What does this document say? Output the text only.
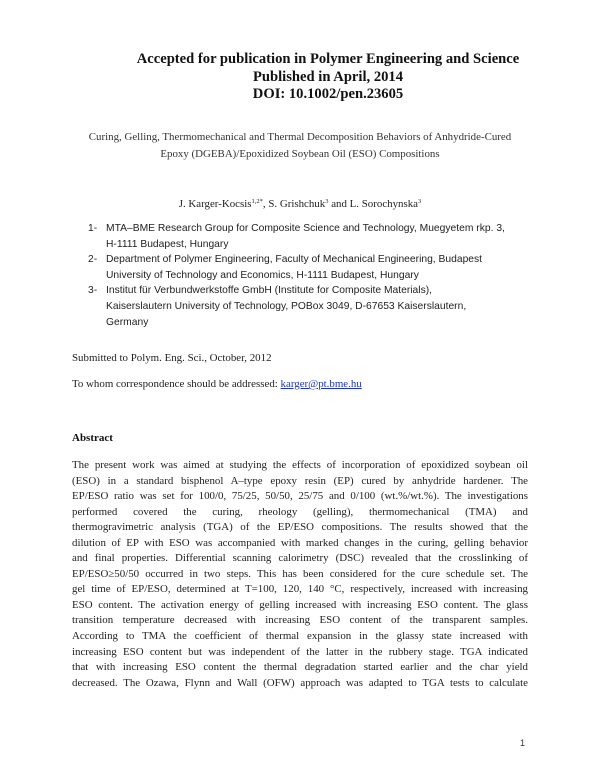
Accepted for publication in Polymer Engineering and Science
Published in April, 2014
DOI: 10.1002/pen.23605
Curing, Gelling, Thermomechanical and Thermal Decomposition Behaviors of Anhydride-Cured
Epoxy (DGEBA)/Epoxidized Soybean Oil (ESO) Compositions
J. Karger-Kocsis$^{1,2*}$, S. Grishchuk$^3$ and L. Sorochynska$^3$
1- MTA–BME Research Group for Composite Science and Technology, Muegyetem rkp. 3,
H-1111 Budapest, Hungary
2- Department of Polymer Engineering, Faculty of Mechanical Engineering, Budapest
University of Technology and Economics, H-1111 Budapest, Hungary
3- Institut für Verbundwerkstoffe GmbH (Institute for Composite Materials),
Kaiserslautern University of Technology, POBox 3049, D-67653 Kaiserslautern,
Germany
Submitted to Polym. Eng. Sci., October, 2012
To whom correspondence should be addressed: karger@pt.bme.hu
Abstract
The present work was aimed at studying the effects of incorporation of epoxidized soybean oil
(ESO) in a standard bisphenol A–type epoxy resin (EP) cured by anhydride hardener. The
EP/ESO ratio was set for 100/0, 75/25, 50/50, 25/75 and 0/100 (wt.%/wt.%). The investigations
performed covered the curing, rheology (gelling), thermomechanical (TMA) and
thermogravimetric analysis (TGA) of the EP/ESO compositions. The results showed that the
dilution of EP with ESO was accompanied with marked changes in the curing, gelling behavior
and final properties. Differential scanning calorimetry (DSC) revealed that the crosslinking of
EP/ESO≥50/50 occurred in two steps. This has been considered for the cure schedule set. The
gel time of EP/ESO, determined at T=100, 120, 140 °C, respectively, increased with increasing
ESO content. The activation energy of gelling increased with increasing ESO content. The glass
transition temperature decreased with increasing ESO content of the transparent samples.
According to TMA the coefficient of thermal expansion in the glassy state increased with
increasing ESO content but was independent of the latter in the rubbery stage. TGA indicated
that with increasing ESO content the thermal degradation started earlier and the char yield
decreased. The Ozawa, Flynn and Wall (OFW) approach was adapted to TGA tests to calculate
1
